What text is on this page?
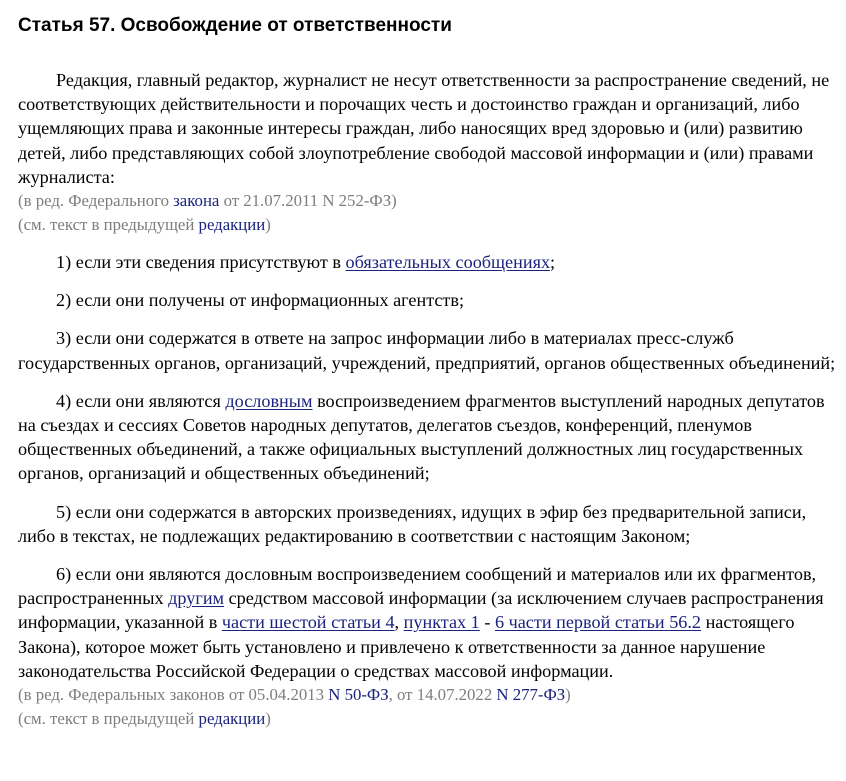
Статья 57. Освобождение от ответственности

Редакция, главный редактор, журналист не несут ответственности за распространение сведений, не соответствующих действительности и порочащих честь и достоинство граждан и организаций, либо ущемляющих права и законные интересы граждан, либо наносящих вред здоровью и (или) развитию детей, либо представляющих собой злоупотребление свободой массовой информации и (или) правами журналиста:

(в ред. Федерального закона от 21.07.2011 N 252-ФЗ)
(см. текст в предыдущей редакции)

1) если эти сведения присутствуют в обязательных сообщениях;

2) если они получены от информационных агентств;

3) если они содержатся в ответе на запрос информации либо в материалах пресс-служб государственных органов, организаций, учреждений, предприятий, органов общественных объединений;

4) если они являются дословным воспроизведением фрагментов выступлений народных депутатов на съездах и сессиях Советов народных депутатов, делегатов съездов, конференций, пленумов общественных объединений, а также официальных выступлений должностных лиц государственных органов, организаций и общественных объединений;

5) если они содержатся в авторских произведениях, идущих в эфир без предварительной записи, либо в текстах, не подлежащих редактированию в соответствии с настоящим Законом;

6) если они являются дословным воспроизведением сообщений и материалов или их фрагментов, распространенных другим средством массовой информации (за исключением случаев распространения информации, указанной в части шестой статьи 4, пунктах 1 - 6 части первой статьи 56.2 настоящего Закона), которое может быть установлено и привлечено к ответственности за данное нарушение законодательства Российской Федерации о средствах массовой информации.

(в ред. Федеральных законов от 05.04.2013 N 50-ФЗ, от 14.07.2022 N 277-ФЗ)
(см. текст в предыдущей редакции)
